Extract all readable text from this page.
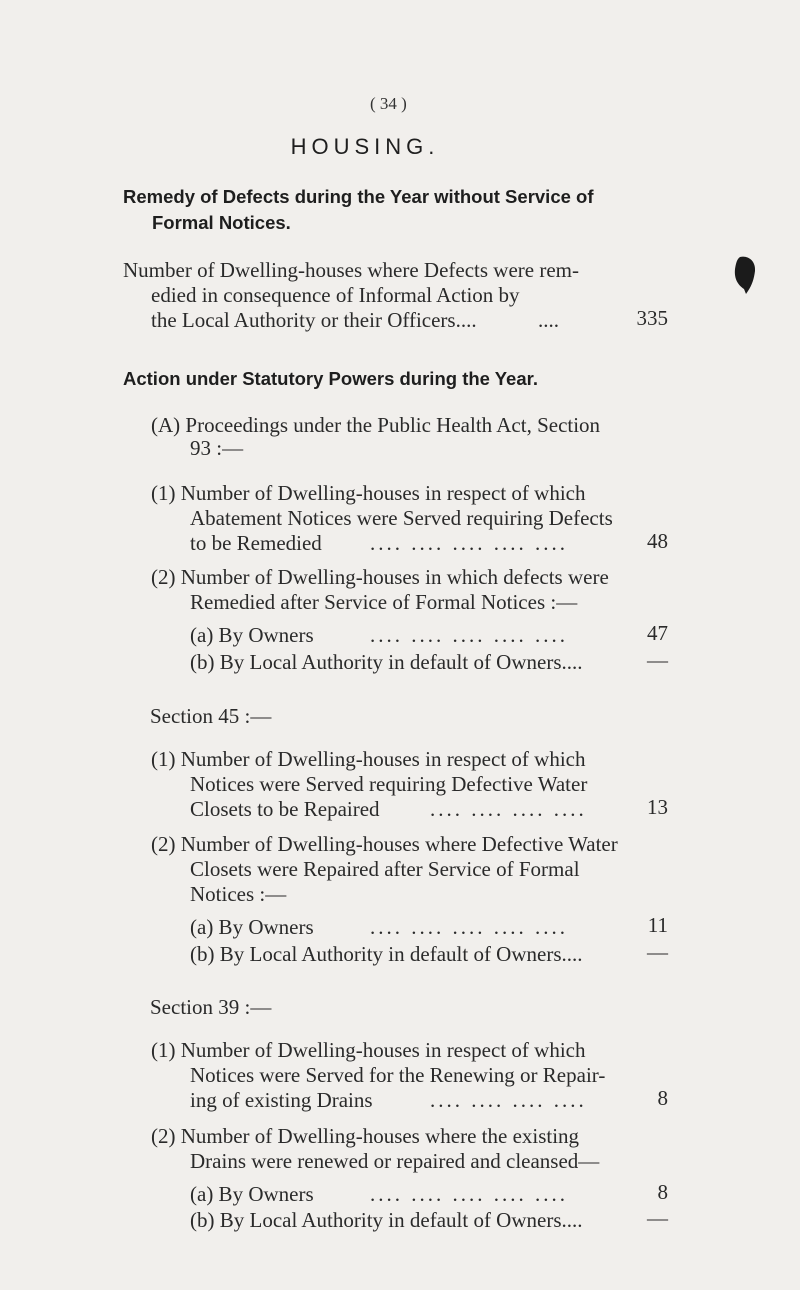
( 34 )
HOUSING.
Remedy of Defects during the Year without Service of
Formal Notices.
Number of Dwelling-houses where Defects were rem-
edied in consequence of Informal Action by
the Local Authority or their Officers....	....	335
Action under Statutory Powers during the Year.
(A) Proceedings under the Public Health Act, Section
93 :—
(1) Number of Dwelling-houses in respect of which
Abatement Notices were Served requiring Defects
to be Remedied .... .... .... .... ....	48
(2) Number of Dwelling-houses in which defects were
Remedied after Service of Formal Notices :—
(a) By Owners	.... .... .... .... ....	47
(b) By Local Authority in default of Owners....	—
Section 45 :—
(1) Number of Dwelling-houses in respect of which
Notices were Served requiring Defective Water
Closets to be Repaired .... .... .... ....	13
(2) Number of Dwelling-houses where Defective Water
Closets were Repaired after Service of Formal
Notices :—
(a) By Owners	.... .... .... .... ....	11
(b) By Local Authority in default of Owners....	—
Section 39 :—
(1) Number of Dwelling-houses in respect of which
Notices were Served for the Renewing or Repair-
ing of existing Drains	.... .... .... ....	8
(2) Number of Dwelling-houses where the existing
Drains were renewed or repaired and cleansed—
(a) By Owners	.... .... .... .... ....	8
(b) By Local Authority in default of Owners....	—
